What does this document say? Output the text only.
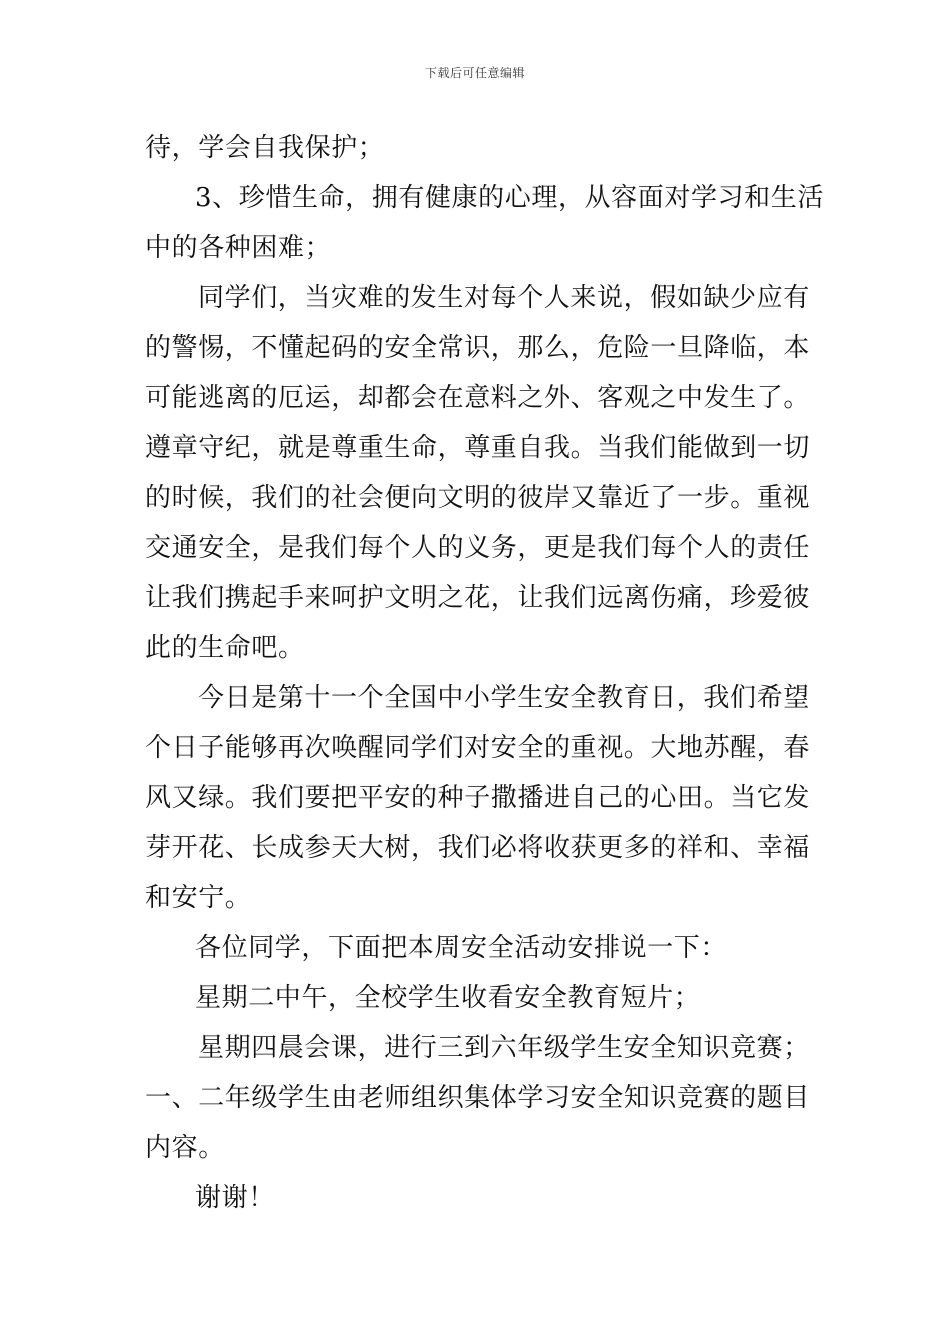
下载后可任意编辑
待，学会自我保护；
3、珍惜生命，拥有健康的心理，从容面对学习和生活
中的各种困难；
同学们，当灾难的发生对每个人来说，假如缺少应有
的警惕，不懂起码的安全常识，那么，危险一旦降临，本
可能逃离的厄运，却都会在意料之外、客观之中发生了。
遵章守纪，就是尊重生命，尊重自我。当我们能做到一切
的时候，我们的社会便向文明的彼岸又靠近了一步。重视
交通安全，是我们每个人的义务，更是我们每个人的责任
让我们携起手来呵护文明之花，让我们远离伤痛，珍爱彼
此的生命吧。
今日是第十一个全国中小学生安全教育日，我们希望
个日子能够再次唤醒同学们对安全的重视。大地苏醒，春
风又绿。我们要把平安的种子撒播进自己的心田。当它发
芽开花、长成参天大树，我们必将收获更多的祥和、幸福
和安宁。
各位同学，下面把本周安全活动安排说一下：
星期二中午，全校学生收看安全教育短片；
星期四晨会课，进行三到六年级学生安全知识竞赛；
一、二年级学生由老师组织集体学习安全知识竞赛的题目
内容。
谢谢！
